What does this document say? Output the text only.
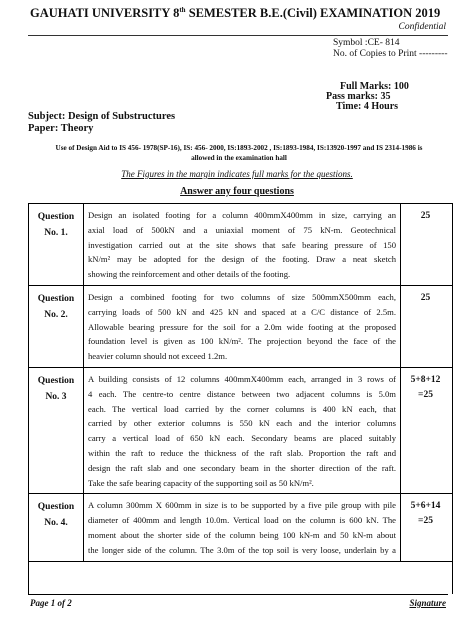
GAUHATI UNIVERSITY 8th SEMESTER B.E.(Civil) EXAMINATION 2019
Confidential
Symbol :CE- 814
No. of Copies to Print ---------
Full Marks: 100
Pass marks: 35
Time: 4 Hours
Subject: Design of Substructures
Paper: Theory
Use of Design Aid to IS 456- 1978(SP-16), IS: 456- 2000, IS:1893-2002 , IS:1893-1984, IS:13920-1997 and IS 2314-1986 is
allowed in the examination hall
The Figures in the margin indicates full marks for the questions.
Answer any four questions
Question
No. 1.
Design an isolated footing for a column 400mmX400mm in size, carrying an
axial load of 500kN and a uniaxial moment of 75 kN-m. Geotechnical
investigation carried out at the site shows that safe bearing pressure of 150
kN/m² may be adopted for the design of the footing. Draw a neat sketch
showing the reinforcement and other details of the footing.
25
Question
No. 2.
Design a combined footing for two columns of size 500mmX500mm each,
carrying loads of 500 kN and 425 kN and spaced at a C/C distance of 2.5m.
Allowable bearing pressure for the soil for a 2.0m wide footing at the proposed
foundation level is given as 100 kN/m². The projection beyond the face of the
heavier column should not exceed 1.2m.
25
Question
No. 3
A building consists of 12 columns 400mmX400mm each, arranged in 3 rows of
4 each. The centre-to centre distance between two adjacent columns is 5.0m
each. The vertical load carried by the corner columns is 400 kN each, that
carried by other exterior columns is 550 kN each and the interior columns
carry a vertical load of 650 kN each. Secondary beams are placed suitably
within the raft to reduce the thickness of the raft slab. Proportion the raft and
design the raft slab and one secondary beam in the shorter direction of the raft.
Take the safe bearing capacity of the supporting soil as 50 kN/m².
5+8+12
=25
Question
No. 4.
A column 300mm X 600mm in size is to be supported by a five pile group with pile
diameter of 400mm and length 10.0m. Vertical load on the column is 600 kN. The
moment about the shorter side of the column being 100 kN-m and 50 kN-m about
the longer side of the column. The 3.0m of the top soil is very loose, underlain by a
5+6+14
=25
Page 1 of 2	Signature
